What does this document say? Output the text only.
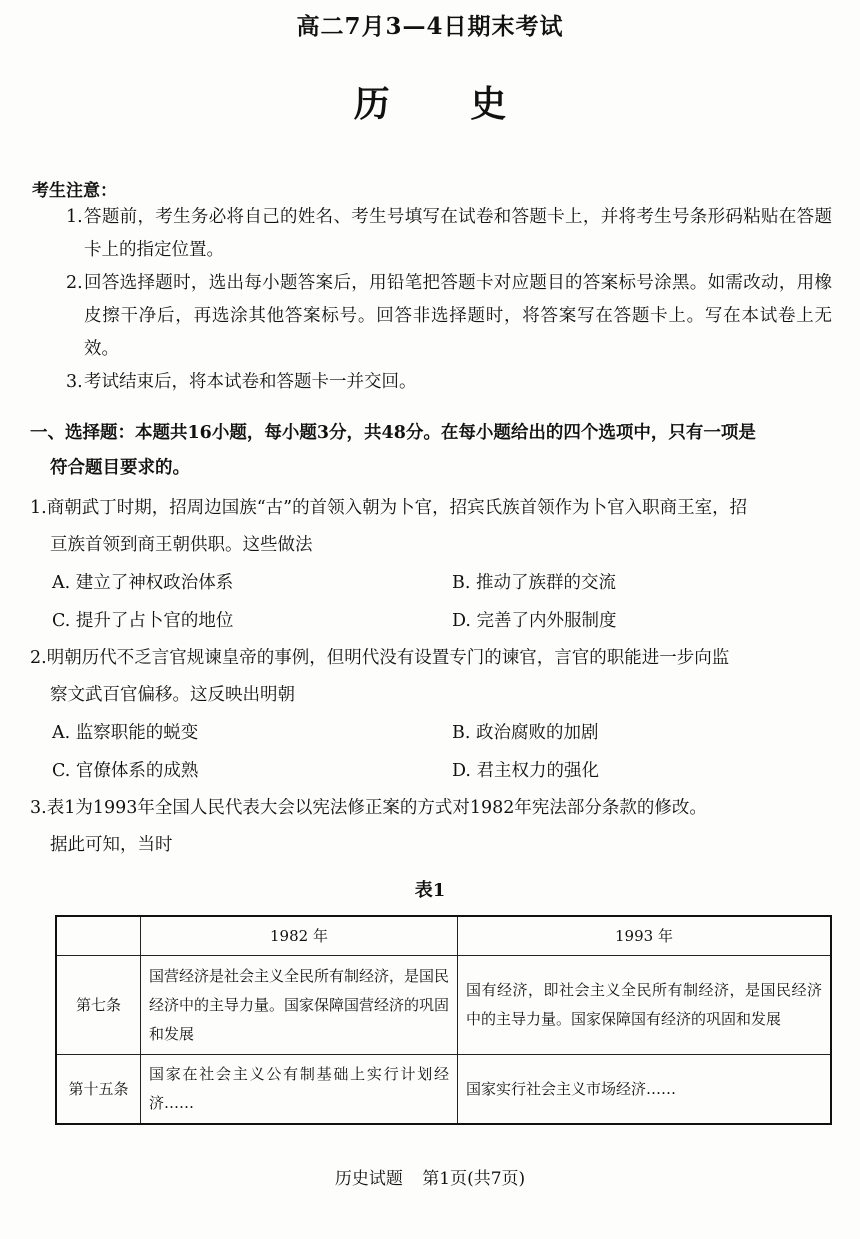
高二7月3—4日期末考试
历 史
考生注意：
1. 答题前，考生务必将自己的姓名、考生号填写在试卷和答题卡上，并将考生号条形码粘贴在答题卡上的指定位置。
2. 回答选择题时，选出每小题答案后，用铅笔把答题卡对应题目的答案标号涂黑。如需改动，用橡皮擦干净后，再选涂其他答案标号。回答非选择题时，将答案写在答题卡上。写在本试卷上无效。
3. 考试结束后，将本试卷和答题卡一并交回。
一、选择题：本题共16小题，每小题3分，共48分。在每小题给出的四个选项中，只有一项是
符合题目要求的。
1.商朝武丁时期，招周边国族“古”的首领入朝为卜官，招宾氏族首领作为卜官入职商王室，招
亘族首领到商王朝供职。这些做法
A. 建立了神权政治体系	B. 推动了族群的交流
C. 提升了占卜官的地位	D. 完善了内外服制度
2.明朝历代不乏言官规谏皇帝的事例，但明代没有设置专门的谏官，言官的职能进一步向监
察文武百官偏移。这反映出明朝
A. 监察职能的蜕变	B. 政治腐败的加剧
C. 官僚体系的成熟	D. 君主权力的强化
3.表1为1993年全国人民代表大会以宪法修正案的方式对1982年宪法部分条款的修改。
据此可知，当时
表1
	1982 年	1993 年
第七条	国营经济是社会主义全民所有制经济，是国民经济中的主导力量。国家保障国营经济的巩固和发展	国有经济，即社会主义全民所有制经济，是国民经济中的主导力量。国家保障国有经济的巩固和发展
第十五条	国家在社会主义公有制基础上实行计划经济……	国家实行社会主义市场经济……
历史试题 第1页(共7页)
